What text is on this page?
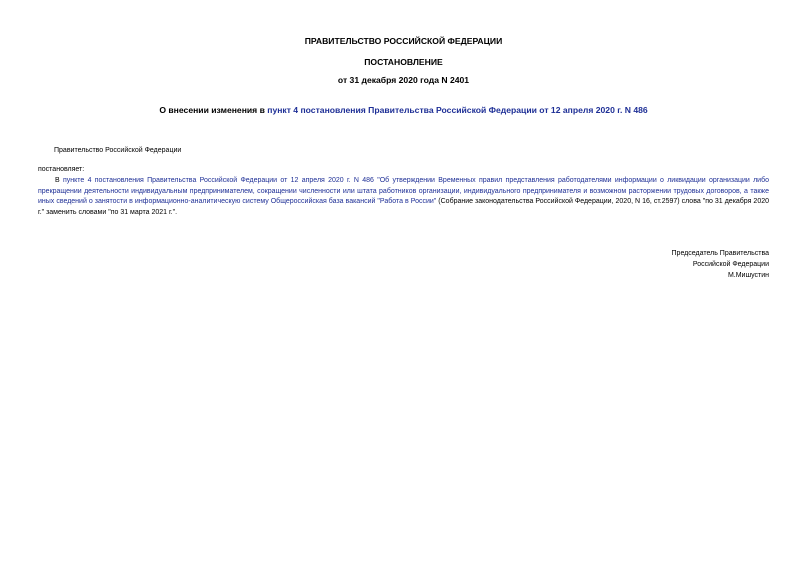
ПРАВИТЕЛЬСТВО РОССИЙСКОЙ ФЕДЕРАЦИИ
ПОСТАНОВЛЕНИЕ
от 31 декабря 2020 года N 2401
О внесении изменения в пункт 4 постановления Правительства Российской Федерации от 12 апреля 2020 г. N 486
Правительство Российской Федерации
постановляет:
В пункте 4 постановления Правительства Российской Федерации от 12 апреля 2020 г. N 486 "Об утверждении Временных правил представления работодателями информации о ликвидации организации либо прекращении деятельности индивидуальным предпринимателем, сокращении численности или штата работников организации, индивидуального предпринимателя и возможном расторжении трудовых договоров, а также иных сведений о занятости в информационно-аналитическую систему Общероссийская база вакансий "Работа в России" (Собрание законодательства Российской Федерации, 2020, N 16, ст.2597) слова "по 31 декабря 2020 г." заменить словами "по 31 марта 2021 г.".
Председатель Правительства
Российской Федерации
М.Мишустин
